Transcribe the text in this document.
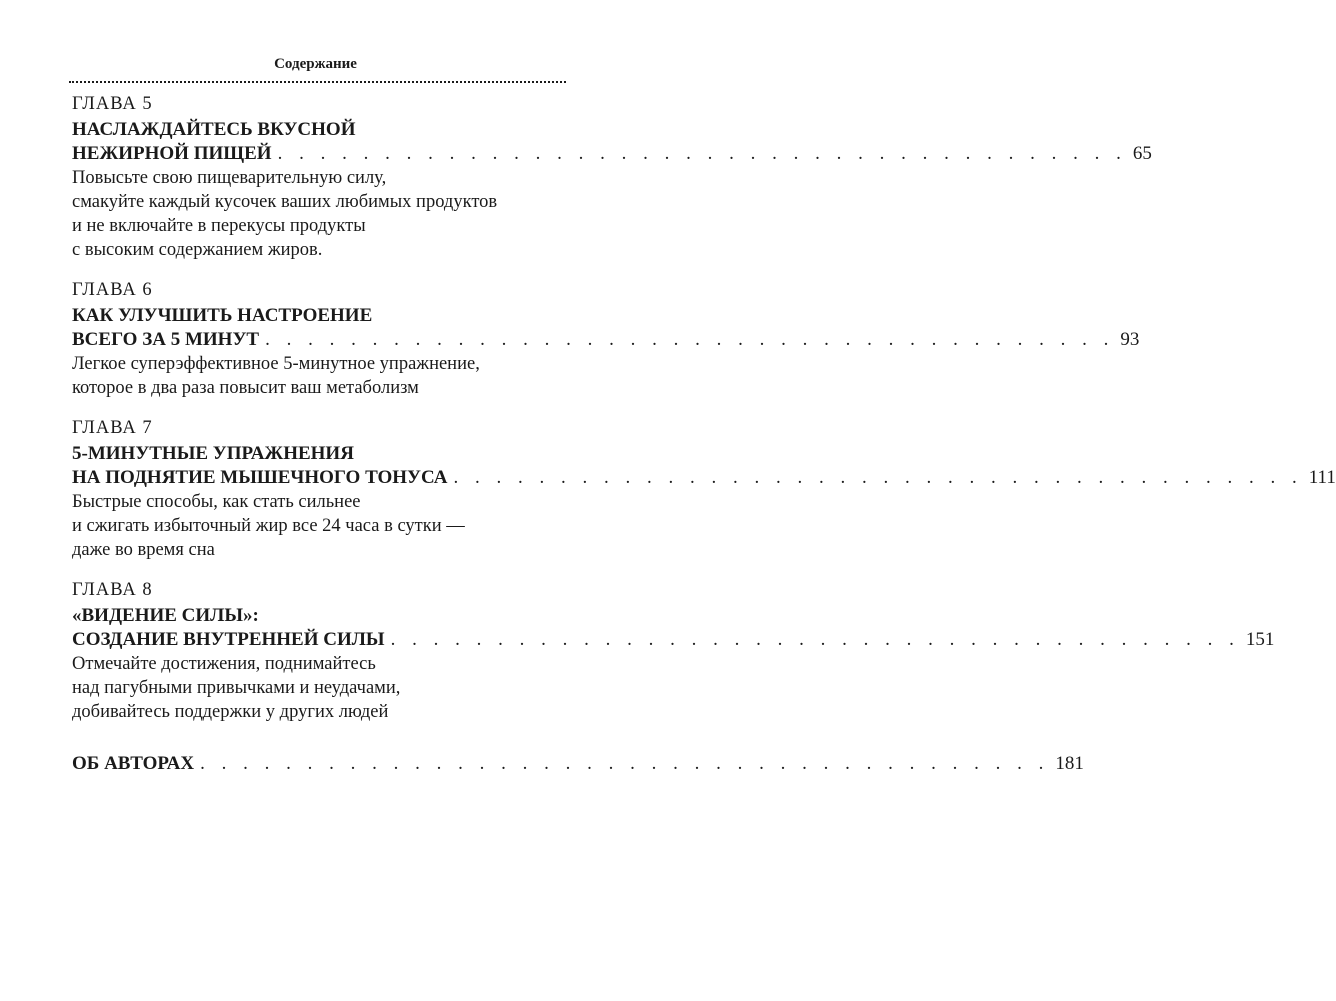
Содержание
ГЛАВА 5
НАСЛАЖДАЙТЕСЬ ВКУСНОЙ
НЕЖИРНОЙ ПИЩЕЙ . . . . . . . . . . . . . . . . . . . . . . . . . . . . . . . . . . . . . . . . 65
Повысьте свою пищеварительную силу,
смакуйте каждый кусочек ваших любимых продуктов
и не включайте в перекусы продукты
с высоким содержанием жиров.
ГЛАВА 6
КАК УЛУЧШИТЬ НАСТРОЕНИЕ
ВСЕГО ЗА 5 МИНУТ . . . . . . . . . . . . . . . . . . . . . . . . . . . . . . . . . . . . . . . . 93
Легкое суперэффективное 5-минутное упражнение,
которое в два раза повысит ваш метаболизм
ГЛАВА 7
5-МИНУТНЫЕ УПРАЖНЕНИЯ
НА ПОДНЯТИЕ МЫШЕЧНОГО ТОНУСА . . . . . . . . . . . . . . . . . . . . . . . . . . . . . . . . . . . . . . . . 111
Быстрые способы, как стать сильнее
и сжигать избыточный жир все 24 часа в сутки —
даже во время сна
ГЛАВА 8
«ВИДЕНИЕ СИЛЫ»:
СОЗДАНИЕ ВНУТРЕННЕЙ СИЛЫ . . . . . . . . . . . . . . . . . . . . . . . . . . . . . . . . . . . . . . . . 151
Отмечайте достижения, поднимайтесь
над пагубными привычками и неудачами,
добивайтесь поддержки у других людей
ОБ АВТОРАХ . . . . . . . . . . . . . . . . . . . . . . . . . . . . . . . . . . . . . . . . 181
